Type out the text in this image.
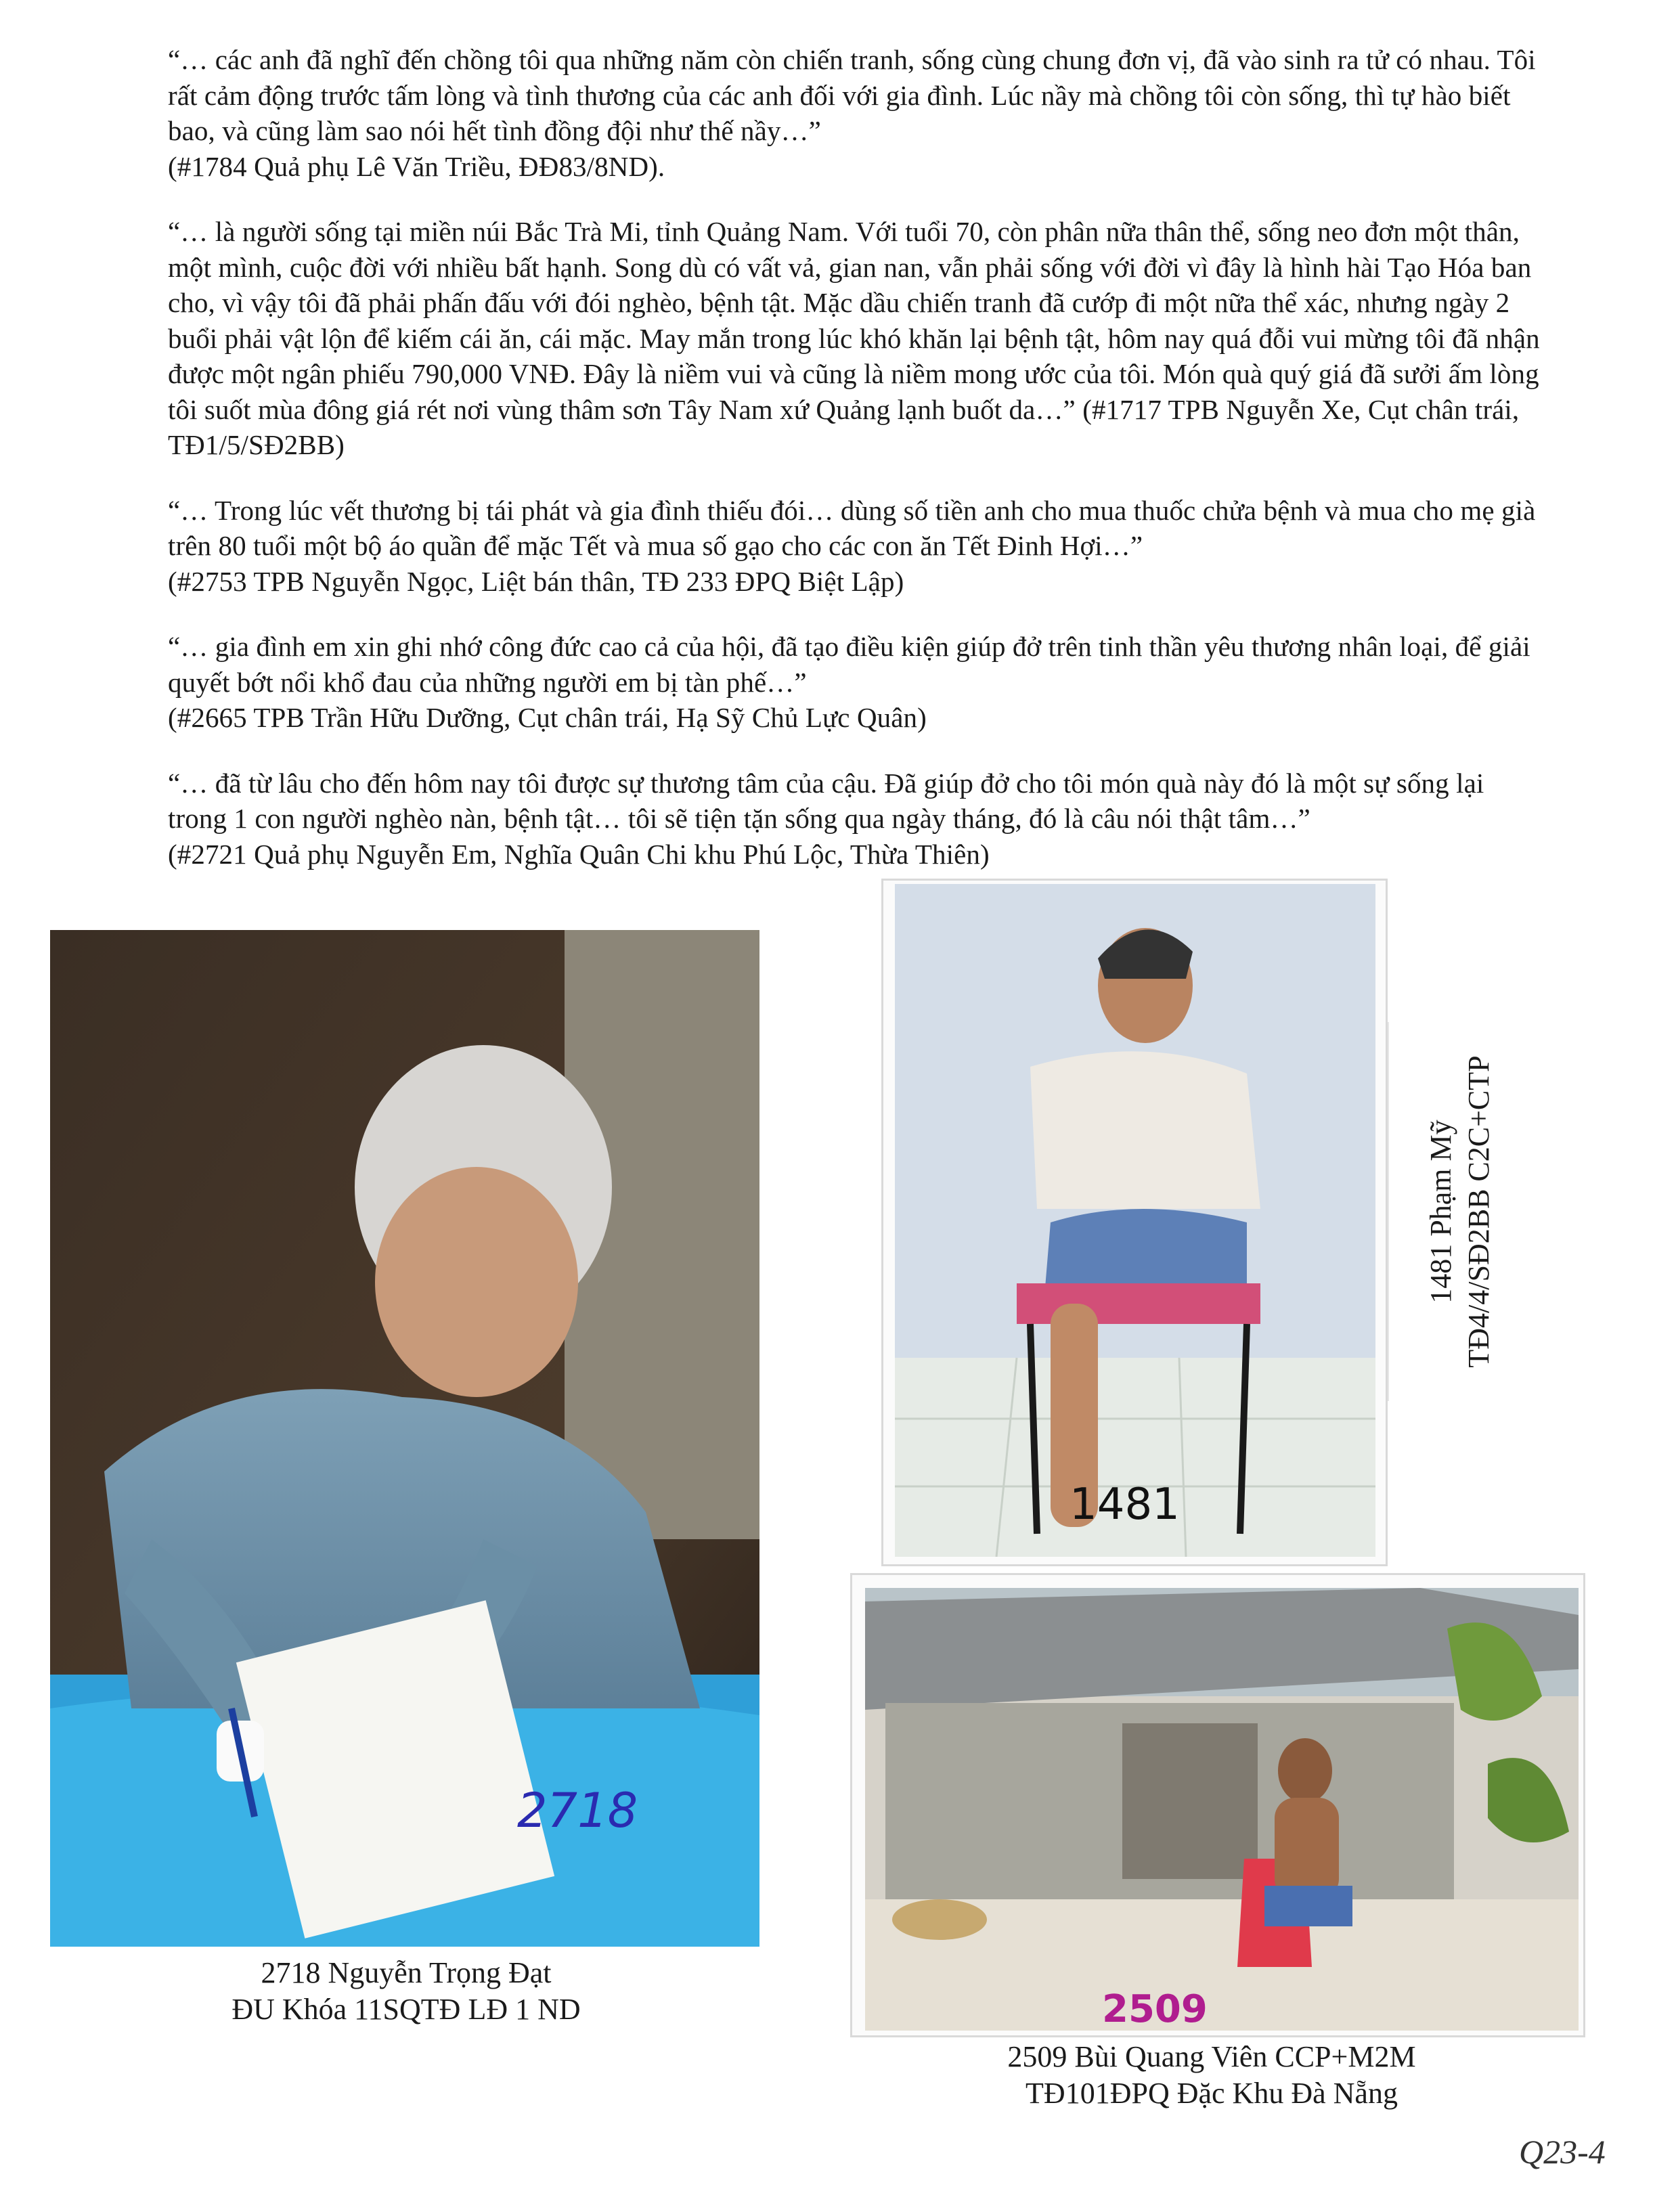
“… các anh đã nghĩ đến chồng tôi qua những năm còn chiến tranh, sống cùng chung đơn vị, đã vào sinh ra tử có nhau. Tôi rất cảm động trước tấm lòng và tình thương của các anh đối với gia đình. Lúc nầy mà chồng tôi còn sống, thì tự hào biết bao, và cũng làm sao nói hết tình đồng đội như thế nầy…”

(#1784 Quả phụ Lê Văn Triều, ĐĐ83/8ND).

“… là người sống tại miền núi Bắc Trà Mi, tỉnh Quảng Nam. Với tuổi 70, còn phân nữa thân thể, sống neo đơn một thân, một mình, cuộc đời với nhiều bất hạnh. Song dù có vất vả, gian nan, vẫn phải sống với đời vì đây là hình hài Tạo Hóa ban cho, vì vậy tôi đã phải phấn đấu với đói nghèo, bệnh tật. Mặc dầu chiến tranh đã cướp đi một nữa thể xác, nhưng ngày 2 buổi phải vật lộn để kiếm cái ăn, cái mặc. May mắn trong lúc khó khăn lại bệnh tật, hôm nay quá đỗi vui mừng tôi đã nhận được một ngân phiếu 790,000 VNĐ. Đây là niềm vui và cũng là niềm mong ước của tôi. Món quà quý giá đã sưởi ấm lòng tôi suốt mùa đông giá rét nơi vùng thâm sơn Tây Nam xứ Quảng lạnh buốt da…” (#1717 TPB Nguyễn Xe, Cụt chân trái, TĐ1/5/SĐ2BB)

“… Trong lúc vết thương bị tái phát và gia đình thiếu đói… dùng số tiền anh cho mua thuốc chửa bệnh và mua cho mẹ già trên 80 tuổi một bộ áo quần để mặc Tết và mua số gạo cho các con ăn Tết Đinh Hợi…”

(#2753 TPB Nguyễn Ngọc, Liệt bán thân, TĐ 233 ĐPQ Biệt Lập)

“… gia đình em xin ghi nhớ công đức cao cả của hội, đã tạo điều kiện giúp đở trên tinh thần yêu thương nhân loại, để giải quyết bớt nổi khổ đau của những người em bị tàn phế…”

(#2665 TPB Trần Hữu Dưỡng, Cụt chân trái, Hạ Sỹ Chủ Lực Quân)

“… đã từ lâu cho đến hôm nay tôi được sự thương tâm của cậu. Đã giúp đở cho tôi món quà này đó là một sự sống lại trong 1 con người nghèo nàn, bệnh tật… tôi sẽ tiện tặn sống qua ngày tháng, đó là câu nói thật tâm…”

(#2721 Quả phụ Nguyễn Em, Nghĩa Quân Chi khu Phú Lộc, Thừa Thiên)

2718
2718 Nguyễn Trọng Đạt
ĐU Khóa 11SQTĐ LĐ 1 ND
1481
1481 Phạm Mỹ TĐ4/4/SĐ2BB C2C+CTP
2509
2509 Bùi Quang Viên CCP+M2M
TĐ101ĐPQ Đặc Khu Đà Nẵng
Q23-4
